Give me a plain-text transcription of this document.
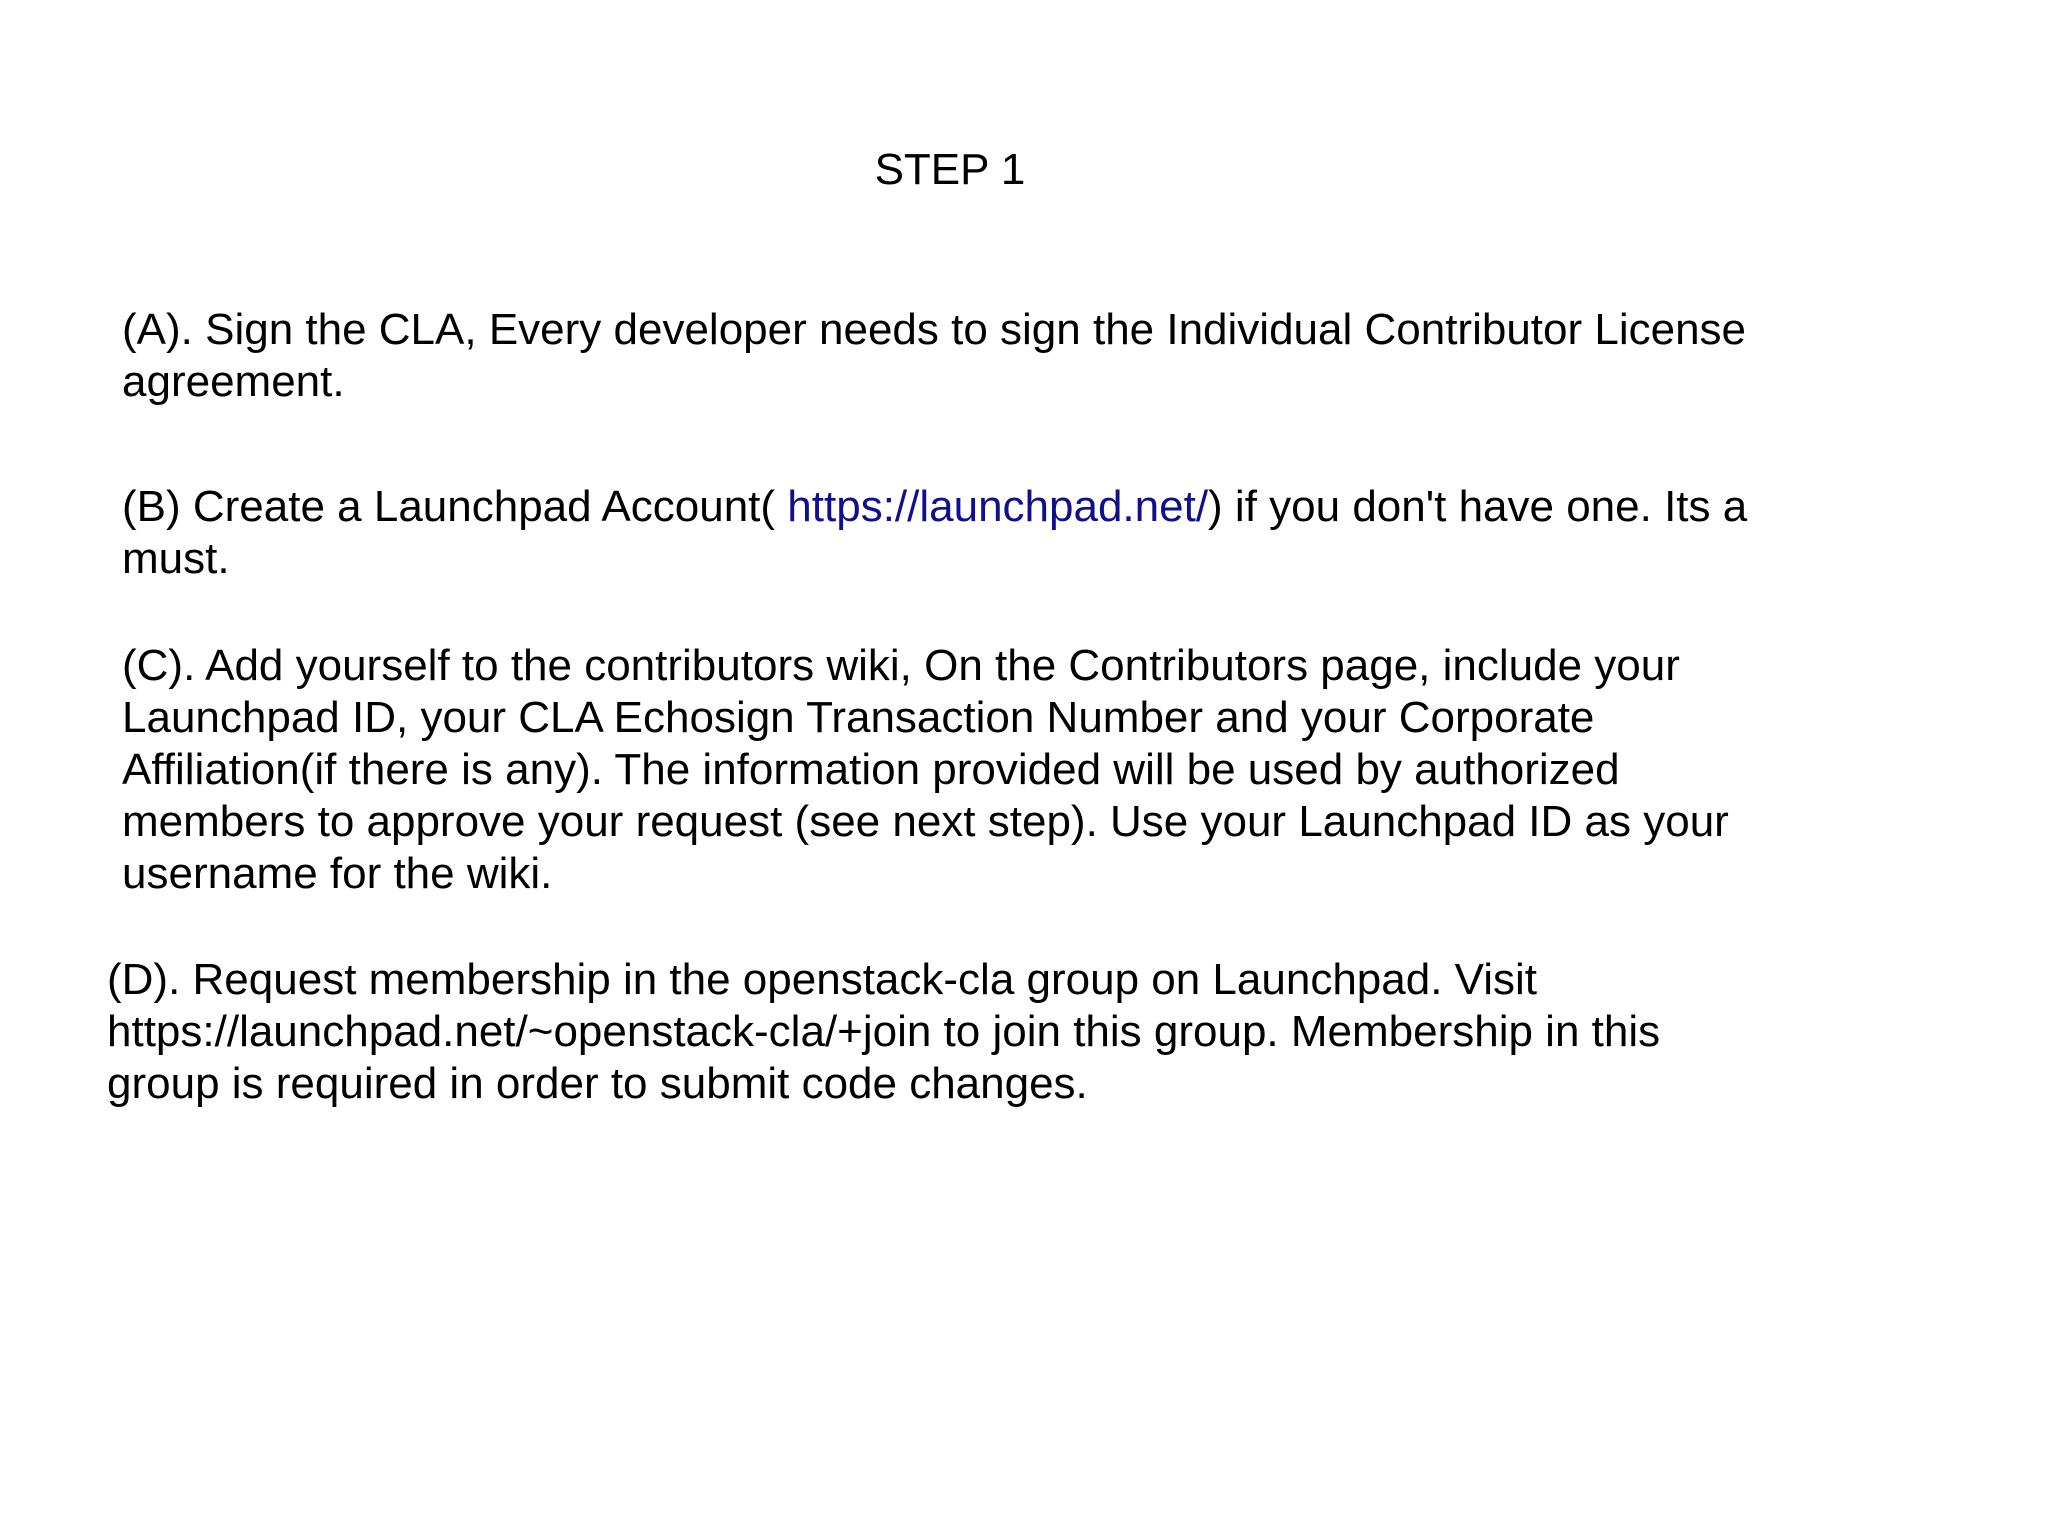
STEP 1
(A). Sign the CLA, Every developer needs to sign the Individual Contributor License
agreement.
(B) Create a Launchpad Account( https://launchpad.net/) if you don't have one. Its a
must.
(C). Add yourself to the contributors wiki, On the Contributors page, include your
Launchpad ID, your CLA Echosign Transaction Number and your Corporate
Affiliation(if there is any). The information provided will be used by authorized
members to approve your request (see next step). Use your Launchpad ID as your
username for the wiki.
(D). Request membership in the openstack-cla group on Launchpad. Visit
https://launchpad.net/~openstack-cla/+join to join this group. Membership in this
group is required in order to submit code changes.
